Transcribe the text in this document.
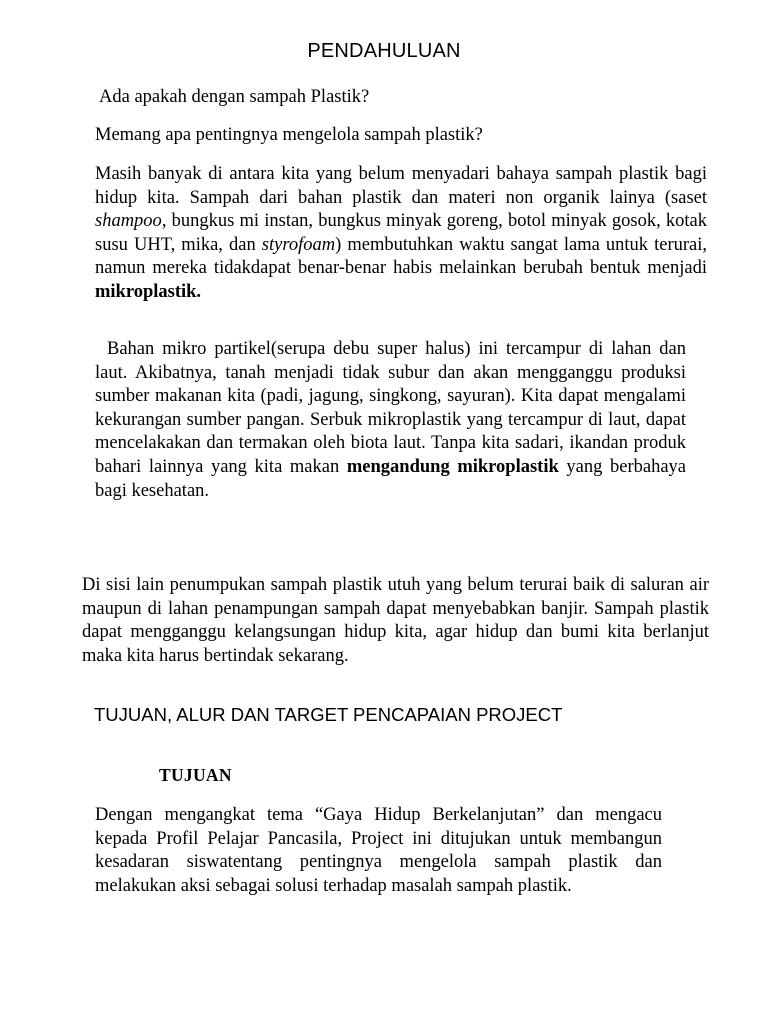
PENDAHULUAN

Ada apakah dengan sampah Plastik?

Memang apa pentingnya mengelola sampah plastik?

Masih banyak di antara kita yang belum menyadari bahaya sampah plastik bagi hidup kita. Sampah dari bahan plastik dan materi non organik lainya (saset shampoo, bungkus mi instan, bungkus minyak goreng, botol minyak gosok, kotak susu UHT, mika, dan styrofoam) membutuhkan waktu sangat lama untuk terurai, namun mereka tidakdapat benar-benar habis melainkan berubah bentuk menjadi mikroplastik.

Bahan mikro partikel(serupa debu super halus) ini tercampur di lahan dan laut. Akibatnya, tanah menjadi tidak subur dan akan mengganggu produksi sumber makanan kita (padi, jagung, singkong, sayuran). Kita dapat mengalami kekurangan sumber pangan. Serbuk mikroplastik yang tercampur di laut, dapat mencelakakan dan termakan oleh biota laut. Tanpa kita sadari, ikandan produk bahari lainnya yang kita makan mengandung mikroplastik yang berbahaya bagi kesehatan.

Di sisi lain penumpukan sampah plastik utuh yang belum terurai baik di saluran air maupun di lahan penampungan sampah dapat menyebabkan banjir. Sampah plastik dapat mengganggu kelangsungan hidup kita, agar hidup dan bumi kita berlanjut maka kita harus bertindak sekarang.

TUJUAN, ALUR DAN TARGET PENCAPAIAN PROJECT
TUJUAN

Dengan mengangkat tema “Gaya Hidup Berkelanjutan” dan mengacu kepada Profil Pelajar Pancasila, Project ini ditujukan untuk membangun kesadaran siswatentang pentingnya mengelola sampah plastik dan melakukan aksi sebagai solusi terhadap masalah sampah plastik.
